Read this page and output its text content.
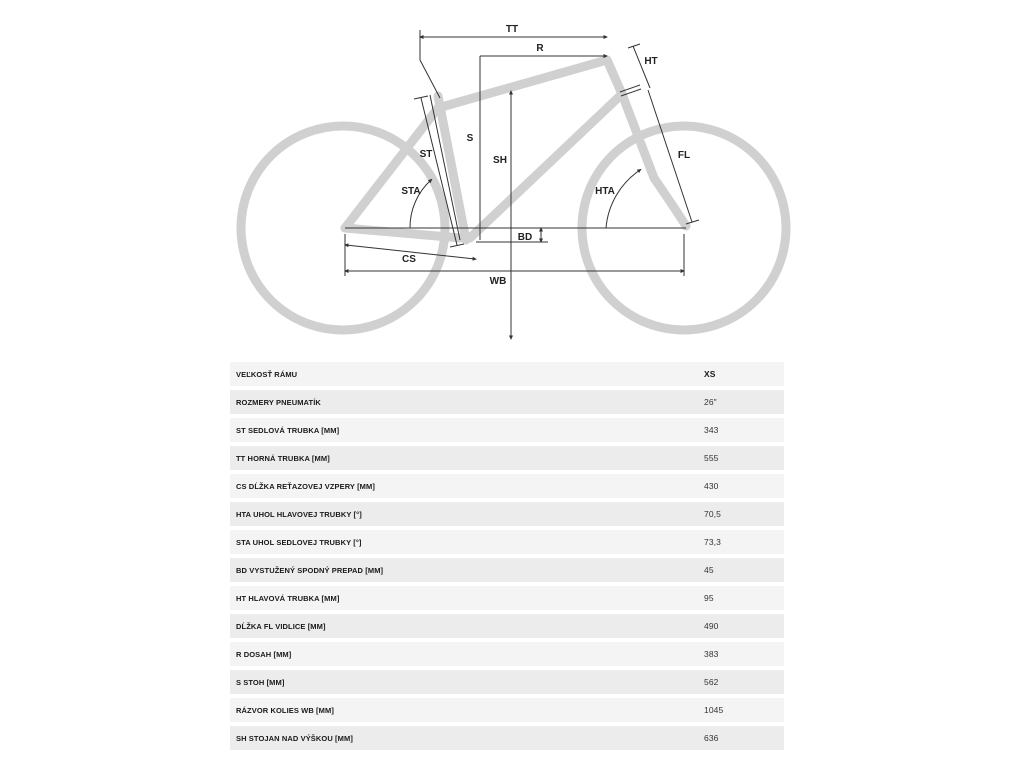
TT
R
HT
S
ST
SH	FL
STA	HTA
BD
CS
WB
VEĽKOSŤ RÁMU	XS
ROZMERY PNEUMATÍK	26"
ST SEDLOVÁ TRUBKA [MM]	343
TT HORNÁ TRUBKA [MM]	555
CS DĹŽKA REŤAZOVEJ VZPERY [MM]	430
HTA UHOL HLAVOVEJ TRUBKY [°]	70,5
STA UHOL SEDLOVEJ TRUBKY [°]	73,3
BD VYSTUŽENÝ SPODNÝ PREPAD [MM]	45
HT HLAVOVÁ TRUBKA [MM]	95
DĹŽKA FL VIDLICE [MM]	490
R DOSAH [MM]	383
S STOH [MM]	562
RÁZVOR KOLIES WB [MM]	1045
SH STOJAN NAD VÝŠKOU [MM]	636
